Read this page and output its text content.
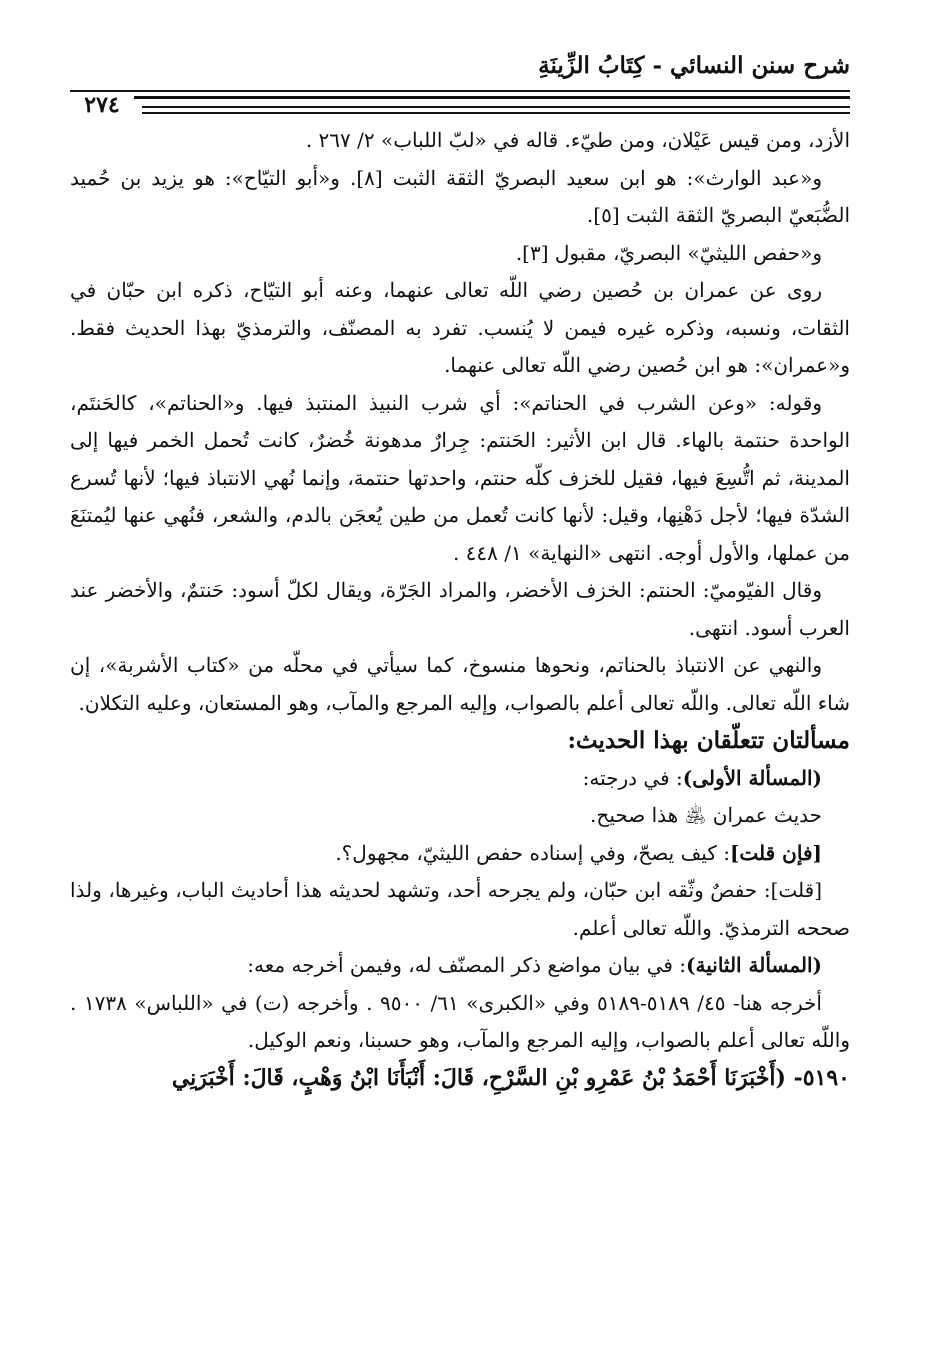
شرح سنن النسائي - كِتَابُ الزِّينَةِ
٢٧٤

الأزد، ومن قيس عَيْلان، ومن طيّء. قاله في «لبّ اللباب» ٢/ ٢٦٧ .

و«عبد الوارث»: هو ابن سعيد البصريّ الثقة الثبت [٨]. و«أبو التيّاح»: هو يزيد بن حُميد الضُّبَعيّ البصريّ الثقة الثبت [٥].

و«حفص الليثيّ» البصريّ، مقبول [٣].

روى عن عمران بن حُصين رضي اللّه تعالى عنهما، وعنه أبو التيّاح، ذكره ابن حبّان في الثقات، ونسبه، وذكره غيره فيمن لا يُنسب. تفرد به المصنّف، والترمذيّ بهذا الحديث فقط. و«عمران»: هو ابن حُصين رضي اللّه تعالى عنهما.

وقوله: «وعن الشرب في الحناتم»: أي شرب النبيذ المنتبذ فيها. و«الحناتم»، كالحَنتَم، الواحدة حنتمة بالهاء. قال ابن الأثير: الحَنتم: جِرارٌ مدهونة خُضرٌ، كانت تُحمل الخمر فيها إلى المدينة، ثم اتُّسِعَ فيها، فقيل للخزف كلّه حنتم، واحدتها حنتمة، وإنما نُهي الانتباذ فيها؛ لأنها تُسرع الشدّة فيها؛ لأجل دَهْنِها، وقيل: لأنها كانت تُعمل من طين يُعجَن بالدم، والشعر، فنُهي عنها ليُمتنَعَ من عملها، والأول أوجه. انتهى «النهاية» ١/ ٤٤٨ .

وقال الفيّوميّ: الحنتم: الخزف الأخضر، والمراد الجَرّة، ويقال لكلّ أسود: حَنتمٌ، والأخضر عند العرب أسود. انتهى.

والنهي عن الانتباذ بالحناتم، ونحوها منسوخ، كما سيأتي في محلّه من «كتاب الأشربة»، إن شاء اللّه تعالى. واللّه تعالى أعلم بالصواب، وإليه المرجع والمآب، وهو المستعان، وعليه التكلان.

مسألتان تتعلّقان بهذا الحديث:

(المسألة الأولى): في درجته:

حديث عمران ﵁ هذا صحيح.

[فإن قلت]: كيف يصحّ، وفي إسناده حفص الليثيّ، مجهول؟.

[قلت]: حفصٌ وثّقه ابن حبّان، ولم يجرحه أحد، وتشهد لحديثه هذا أحاديث الباب، وغيرها، ولذا صححه الترمذيّ. واللّه تعالى أعلم.

(المسألة الثانية): في بيان مواضع ذكر المصنّف له، وفيمن أخرجه معه:

أخرجه هنا- ٤٥/ ٥١٨٩-٥١٨٩ وفي «الكبرى» ٦١/ ٩٥٠٠ . وأخرجه (ت) في «اللباس» ١٧٣٨ . واللّه تعالى أعلم بالصواب، وإليه المرجع والمآب، وهو حسبنا، ونعم الوكيل.

٥١٩٠- (أَخْبَرَنَا أَحْمَدُ بْنُ عَمْرِو بْنِ السَّرْحِ، قَالَ: أَنْبَأَنَا ابْنُ وَهْبٍ، قَالَ: أَخْبَرَنِي
